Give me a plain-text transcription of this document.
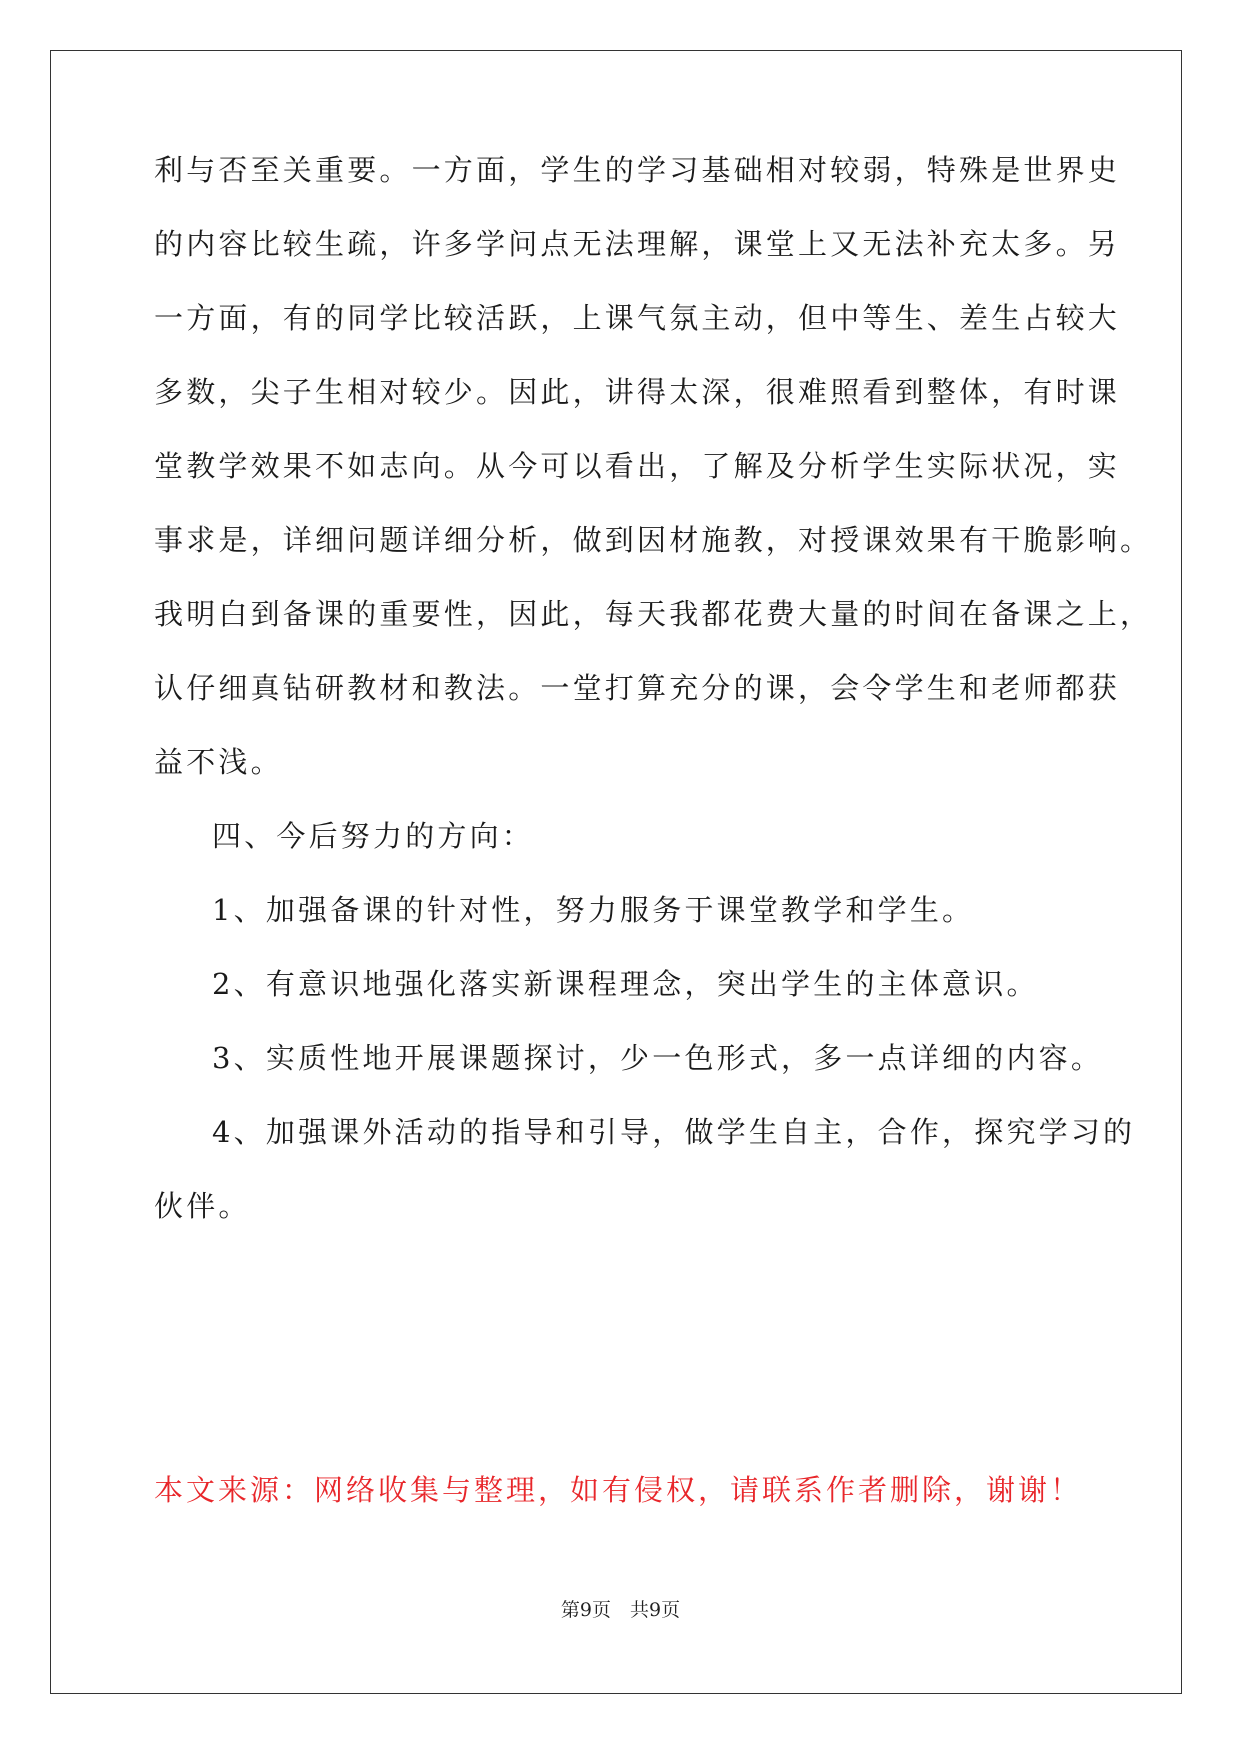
利与否至关重要。一方面，学生的学习基础相对较弱，特殊是世界史
的内容比较生疏，许多学问点无法理解，课堂上又无法补充太多。另
一方面，有的同学比较活跃，上课气氛主动，但中等生、差生占较大
多数，尖子生相对较少。因此，讲得太深，很难照看到整体，有时课
堂教学效果不如志向。从今可以看出，了解及分析学生实际状况，实
事求是，详细问题详细分析，做到因材施教，对授课效果有干脆影响。
我明白到备课的重要性，因此，每天我都花费大量的时间在备课之上，
认仔细真钻研教材和教法。一堂打算充分的课，会令学生和老师都获
益不浅。
四、今后努力的方向：
1、加强备课的针对性，努力服务于课堂教学和学生。
2、有意识地强化落实新课程理念，突出学生的主体意识。
3、实质性地开展课题探讨，少一色形式，多一点详细的内容。
4、加强课外活动的指导和引导，做学生自主，合作，探究学习的
伙伴。
本文来源：网络收集与整理，如有侵权，请联系作者删除，谢谢！
第9页　共9页
